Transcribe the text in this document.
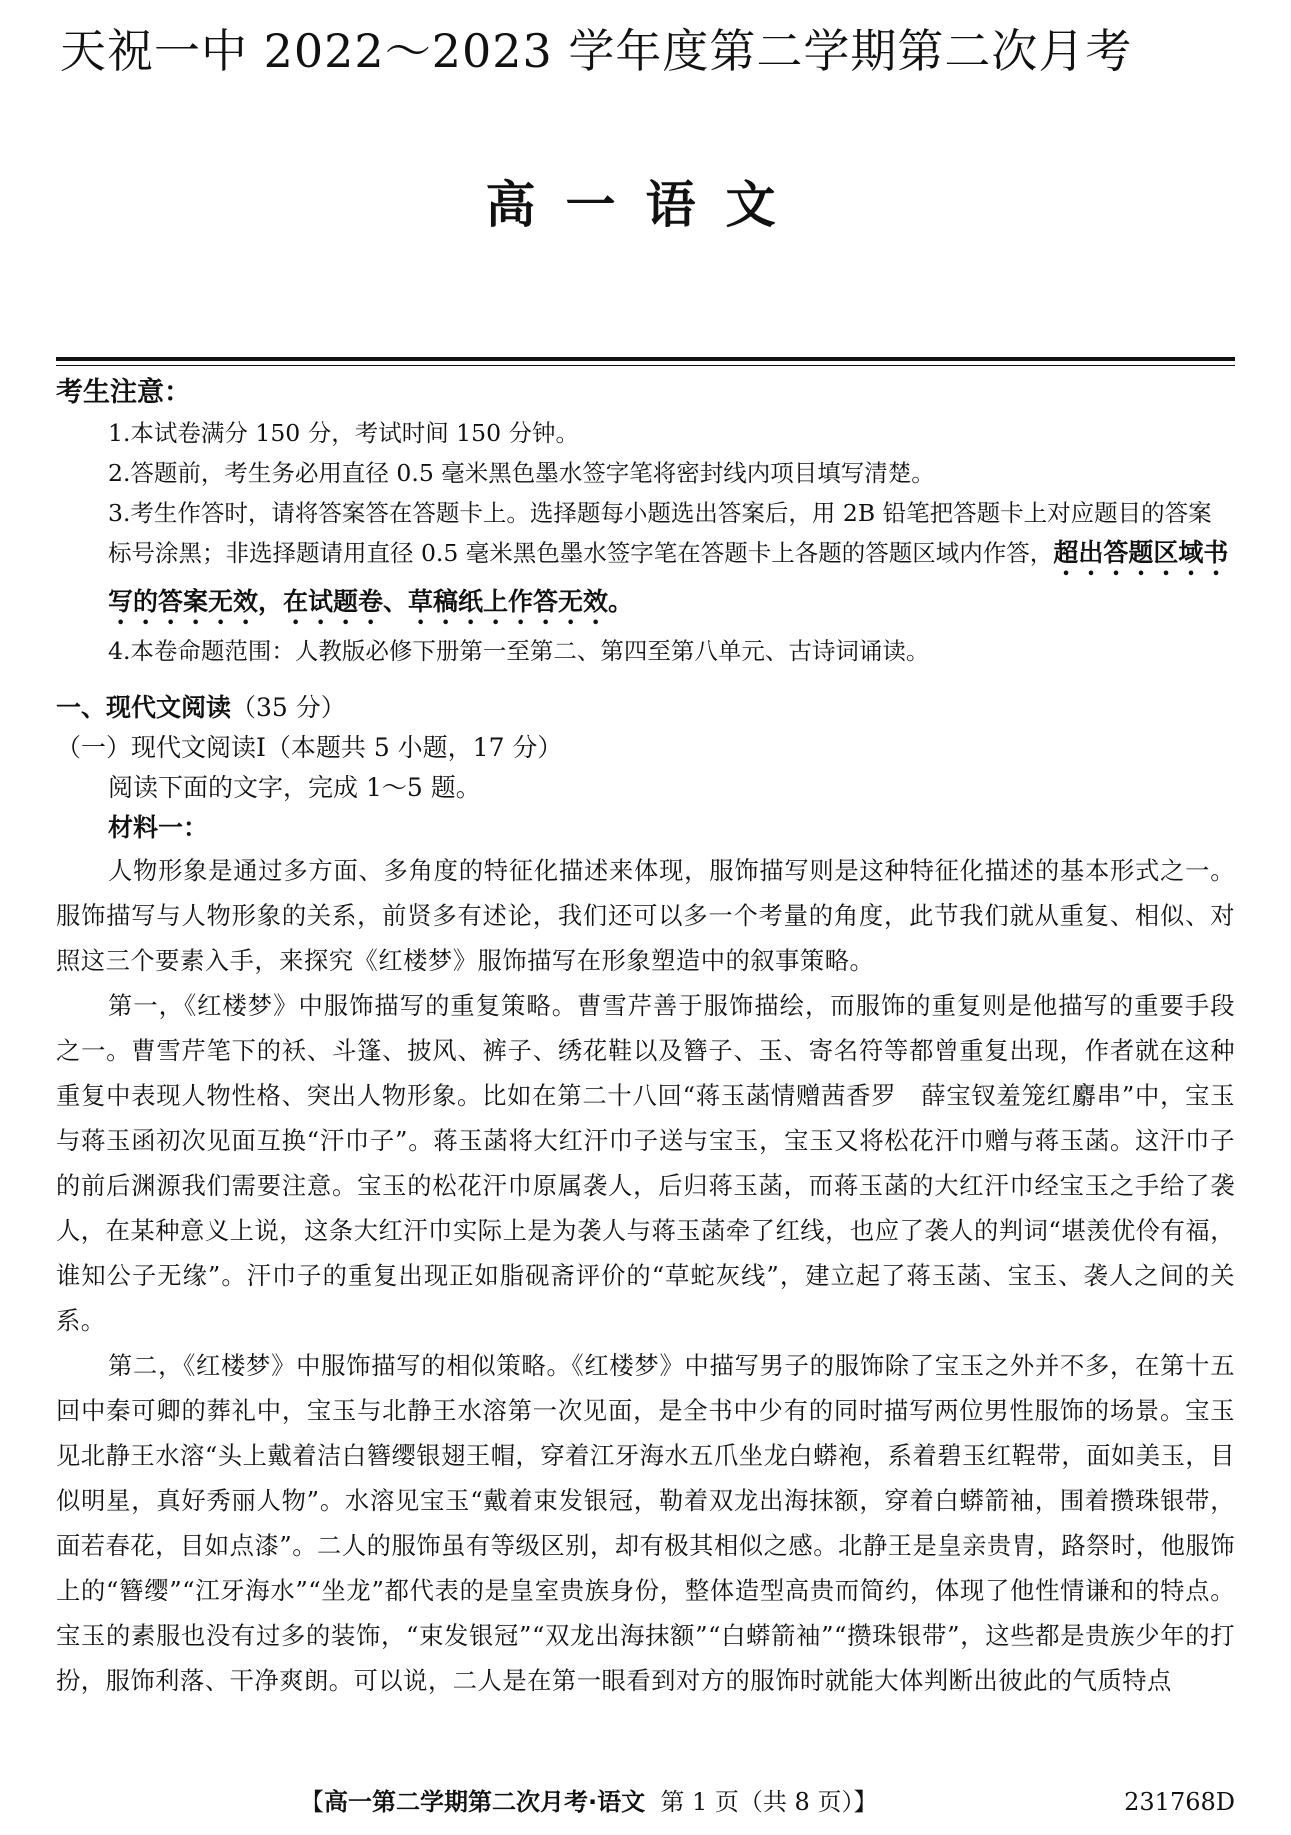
天祝一中 2022～2023 学年度第二学期第二次月考
高一语文
考生注意：
1.本试卷满分 150 分，考试时间 150 分钟。
2.答题前，考生务必用直径 0.5 毫米黑色墨水签字笔将密封线内项目填写清楚。
3.考生作答时，请将答案答在答题卡上。选择题每小题选出答案后，用 2B 铅笔把答题卡上对应题目的答案标号涂黑；非选择题请用直径 0.5 毫米黑色墨水签字笔在答题卡上各题的答题区域内作答，超出答题区域书写的答案无效，在试题卷、草稿纸上作答无效。
4.本卷命题范围：人教版必修下册第一至第二、第四至第八单元、古诗词诵读。
一、现代文阅读（35 分）
（一）现代文阅读Ⅰ（本题共 5 小题，17 分）
阅读下面的文字，完成 1～5 题。
材料一：

人物形象是通过多方面、多角度的特征化描述来体现，服饰描写则是这种特征化描述的基本形式之一。服饰描写与人物形象的关系，前贤多有述论，我们还可以多一个考量的角度，此节我们就从重复、相似、对照这三个要素入手，来探究《红楼梦》服饰描写在形象塑造中的叙事策略。

第一，《红楼梦》中服饰描写的重复策略。曹雪芹善于服饰描绘，而服饰的重复则是他描写的重要手段之一。曹雪芹笔下的袄、斗篷、披风、裤子、绣花鞋以及簪子、玉、寄名符等都曾重复出现，作者就在这种重复中表现人物性格、突出人物形象。比如在第二十八回“蒋玉菡情赠茜香罗　薛宝钗羞笼红麝串”中，宝玉与蒋玉函初次见面互换“汗巾子”。蒋玉菡将大红汗巾子送与宝玉，宝玉又将松花汗巾赠与蒋玉菡。这汗巾子的前后渊源我们需要注意。宝玉的松花汗巾原属袭人，后归蒋玉菡，而蒋玉菡的大红汗巾经宝玉之手给了袭人，在某种意义上说，这条大红汗巾实际上是为袭人与蒋玉菡牵了红线，也应了袭人的判词“堪羡优伶有福，谁知公子无缘”。汗巾子的重复出现正如脂砚斋评价的“草蛇灰线”，建立起了蒋玉菡、宝玉、袭人之间的关系。

第二，《红楼梦》中服饰描写的相似策略。《红楼梦》中描写男子的服饰除了宝玉之外并不多，在第十五回中秦可卿的葬礼中，宝玉与北静王水溶第一次见面，是全书中少有的同时描写两位男性服饰的场景。宝玉见北静王水溶“头上戴着洁白簪缨银翅王帽，穿着江牙海水五爪坐龙白蟒袍，系着碧玉红鞓带，面如美玉，目似明星，真好秀丽人物”。水溶见宝玉“戴着束发银冠，勒着双龙出海抹额，穿着白蟒箭袖，围着攒珠银带，面若春花，目如点漆”。二人的服饰虽有等级区别，却有极其相似之感。北静王是皇亲贵胄，路祭时，他服饰上的“簪缨”“江牙海水”“坐龙”都代表的是皇室贵族身份，整体造型高贵而简约，体现了他性情谦和的特点。宝玉的素服也没有过多的装饰，“束发银冠”“双龙出海抹额”“白蟒箭袖”“攒珠银带”，这些都是贵族少年的打扮，服饰利落、干净爽朗。可以说，二人是在第一眼看到对方的服饰时就能大体判断出彼此的气质特点

【高一第二学期第二次月考·语文 第 1 页（共 8 页）】	231768D
